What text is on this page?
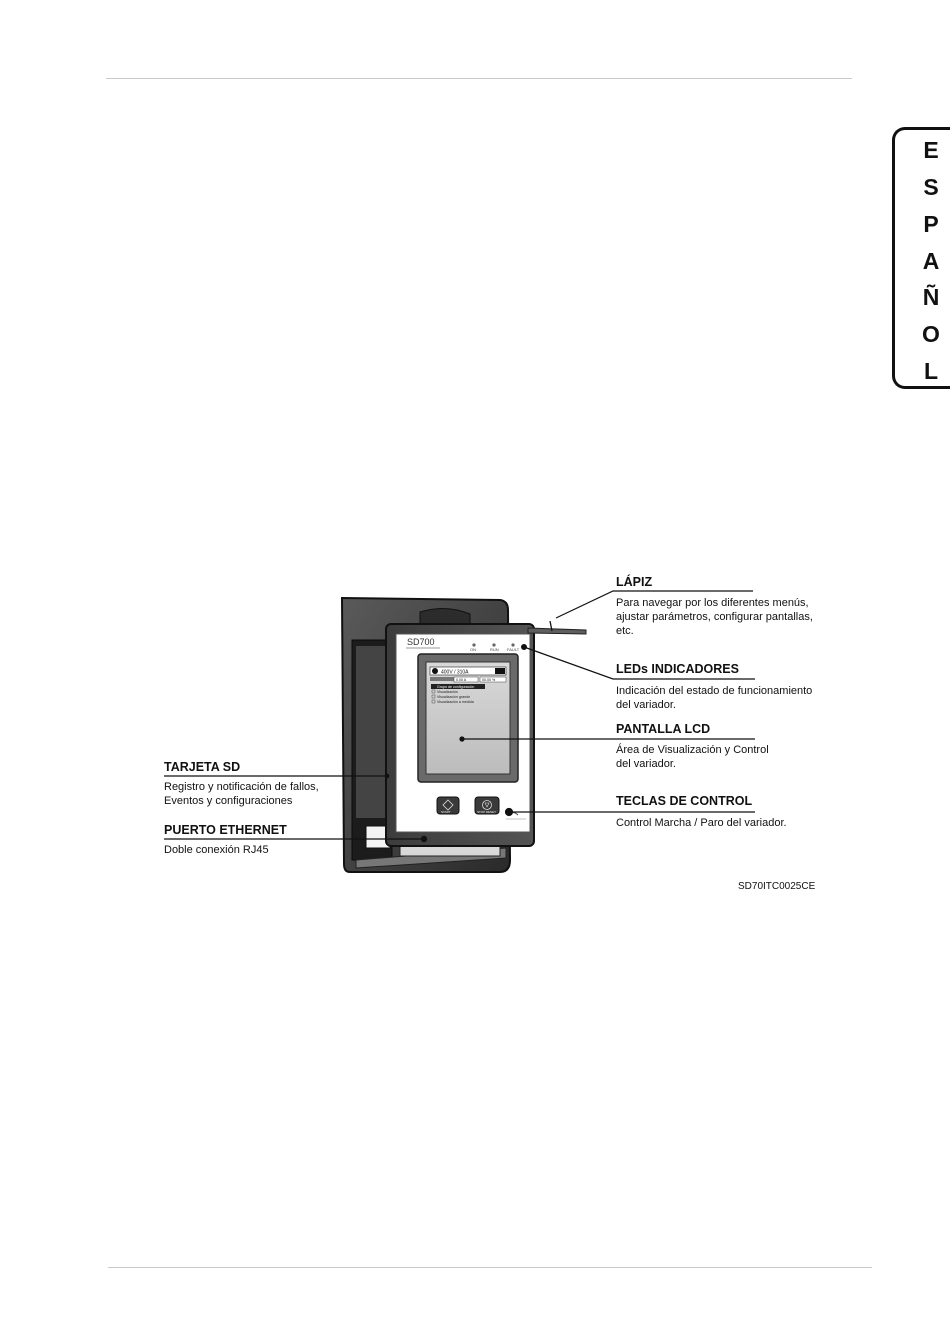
E
S
P
A
Ñ
O
L
SD700
ON	RUN FAULT
400V / 310A
0.00 A	00.00 %
Grupo de configuración
Visualización
Visualización grande
Visualización a medida
START	STOP RESET
LÁPIZ
Para navegar por los diferentes menús,
ajustar parámetros, configurar pantallas,
etc.
LEDs INDICADORES
Indicación del estado de funcionamiento
del variador.
PANTALLA LCD
Área de Visualización y Control
del variador.
TECLAS DE CONTROL
Control Marcha / Paro del variador.
TARJETA SD
Registro y notificación de fallos,
Eventos y configuraciones
PUERTO ETHERNET
Doble conexión RJ45
SD70ITC0025CE
